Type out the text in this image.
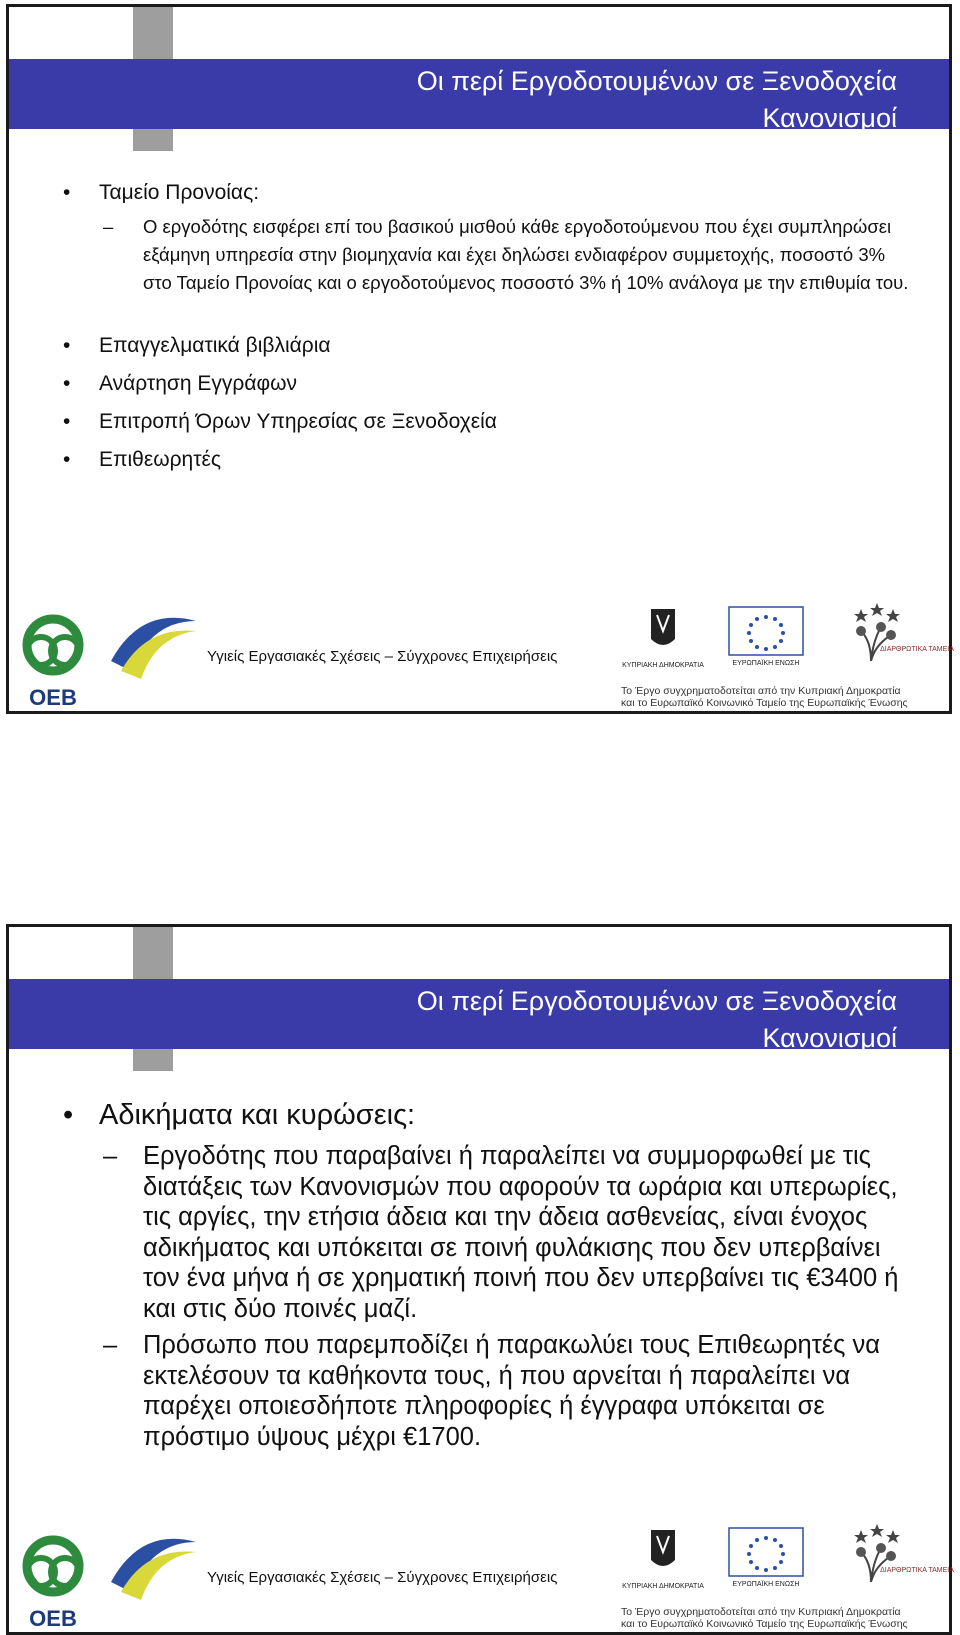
Οι περί Εργοδοτουμένων σε Ξενοδοχεία
Κανονισμοί
•	Ταμείο Προνοίας:
–	Ο εργοδότης εισφέρει επί του βασικού μισθού κάθε εργοδοτούμενου που έχει συμπληρώσει εξάμηνη υπηρεσία στην βιομηχανία και έχει δηλώσει ενδιαφέρον συμμετοχής, ποσοστό 3% στο Ταμείο Προνοίας και ο εργοδοτούμενος ποσοστό 3% ή 10% ανάλογα με την επιθυμία του.
•	Επαγγελματικά βιβλιάρια
•	Ανάρτηση Εγγράφων
•	Επιτροπή Όρων Υπηρεσίας σε Ξενοδοχεία
•	Επιθεωρητές
OEB
Υγιείς Εργασιακές Σχέσεις – Σύγχρονες Επιχειρήσεις
ΚΥΠΡΙΑΚΗ ΔΗΜΟΚΡΑΤΙΑ	ΕΥΡΩΠΑΪΚΗ ΕΝΩΣΗ
ΔΙΑΡΘΡΩΤΙΚΑ ΤΑΜΕΙΑ
Το Έργο συγχρηματοδοτείται από την Κυπριακή Δημοκρατία
και το Ευρωπαϊκό Κοινωνικό Ταμείο της Ευρωπαϊκής Ένωσης
Οι περί Εργοδοτουμένων σε Ξενοδοχεία
Κανονισμοί
• Αδικήματα και κυρώσεις:
–	Εργοδότης που παραβαίνει ή παραλείπει να συμμορφωθεί με τις διατάξεις των Κανονισμών που αφορούν τα ωράρια και υπερωρίες, τις αργίες, την ετήσια άδεια και την άδεια ασθενείας, είναι ένοχος αδικήματος και υπόκειται σε ποινή φυλάκισης που δεν υπερβαίνει τον ένα μήνα ή σε χρηματική ποινή που δεν υπερβαίνει τις €3400 ή και στις δύο ποινές μαζί.
–	Πρόσωπο που παρεμποδίζει ή παρακωλύει τους Επιθεωρητές να εκτελέσουν τα καθήκοντα τους, ή που αρνείται ή παραλείπει να παρέχει οποιεσδήποτε πληροφορίες ή έγγραφα υπόκειται σε πρόστιμο ύψους μέχρι €1700.
OEB
Υγιείς Εργασιακές Σχέσεις – Σύγχρονες Επιχειρήσεις
ΚΥΠΡΙΑΚΗ ΔΗΜΟΚΡΑΤΙΑ	ΕΥΡΩΠΑΪΚΗ ΕΝΩΣΗ
ΔΙΑΡΘΡΩΤΙΚΑ ΤΑΜΕΙΑ
Το Έργο συγχρηματοδοτείται από την Κυπριακή Δημοκρατία
και το Ευρωπαϊκό Κοινωνικό Ταμείο της Ευρωπαϊκής Ένωσης
